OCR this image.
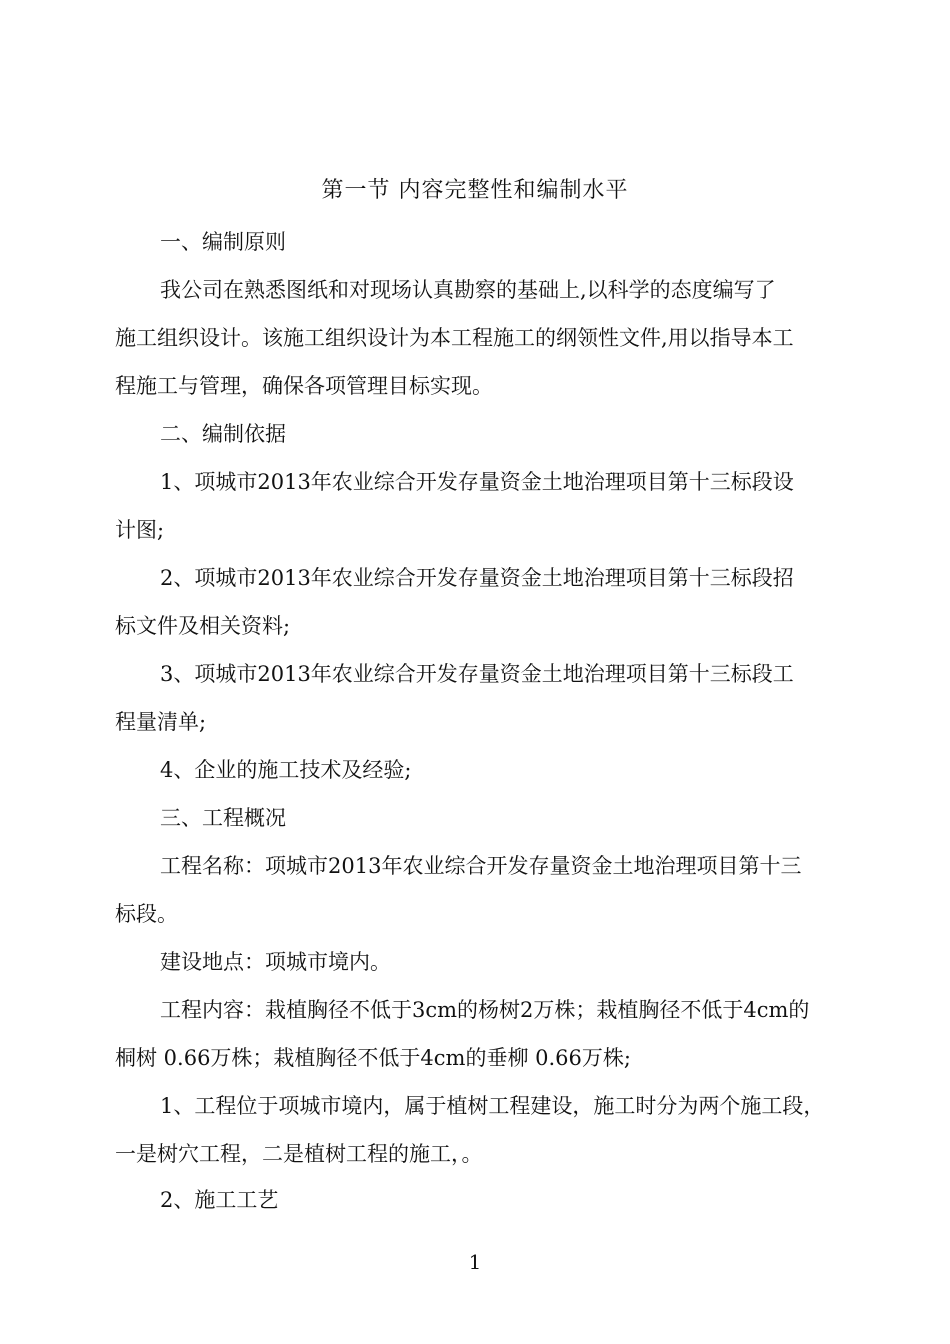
第一节 内容完整性和编制水平
一、编制原则
我公司在熟悉图纸和对现场认真勘察的基础上,以科学的态度编写了
施工组织设计。该施工组织设计为本工程施工的纲领性文件,用以指导本工
程施工与管理，确保各项管理目标实现。
二、编制依据
1、项城市2013年农业综合开发存量资金土地治理项目第十三标段设
计图;
2、项城市2013年农业综合开发存量资金土地治理项目第十三标段招
标文件及相关资料;
3、项城市2013年农业综合开发存量资金土地治理项目第十三标段工
程量清单;
4、企业的施工技术及经验;
三、工程概况
工程名称：项城市2013年农业综合开发存量资金土地治理项目第十三
标段。
建设地点：项城市境内。
工程内容：栽植胸径不低于3cm的杨树2万株；栽植胸径不低于4cm的
桐树 0.66万株；栽植胸径不低于4cm的垂柳 0.66万株;
1、工程位于项城市境内，属于植树工程建设，施工时分为两个施工段，
一是树穴工程，二是植树工程的施工，。
2、施工工艺
1
